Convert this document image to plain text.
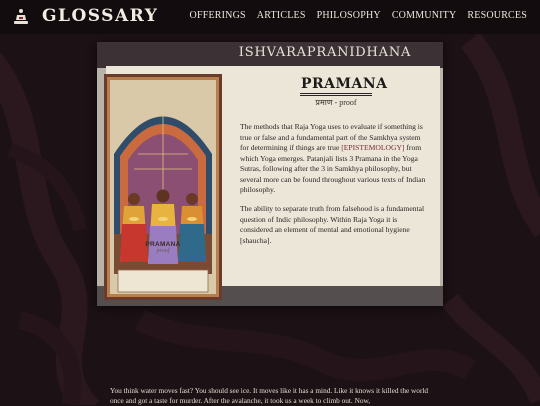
GLOSSARY	OFFERINGS ARTICLES PHILOSOPHY COMMUNITY RESOURCES
ISHVARAPRANIDHANA
PRAMANA
proof
PRAMANA
प्रमाण - proof

The methods that Raja Yoga uses to evaluate if something is true or false and a fundamental part of the Samkhya system for determining if things are true [EPISTEMOLOGY] from which Yoga emerges. Patanjali lists 3 Pramana in the Yoga Sutras, following after the 3 in Samkhya philosophy, but several more can be found throughout various texts of Indian philosophy.

The ability to separate truth from falsehood is a fundamental question of Indic philosophy. Within Raja Yoga it is considered an element of mental and emotional hygiene [shaucha].

You think water moves fast? You should see ice. It moves like it has a mind. Like it knows it killed the world once and got a taste for murder. After the avalanche, it took us a week to climb out. Now,
